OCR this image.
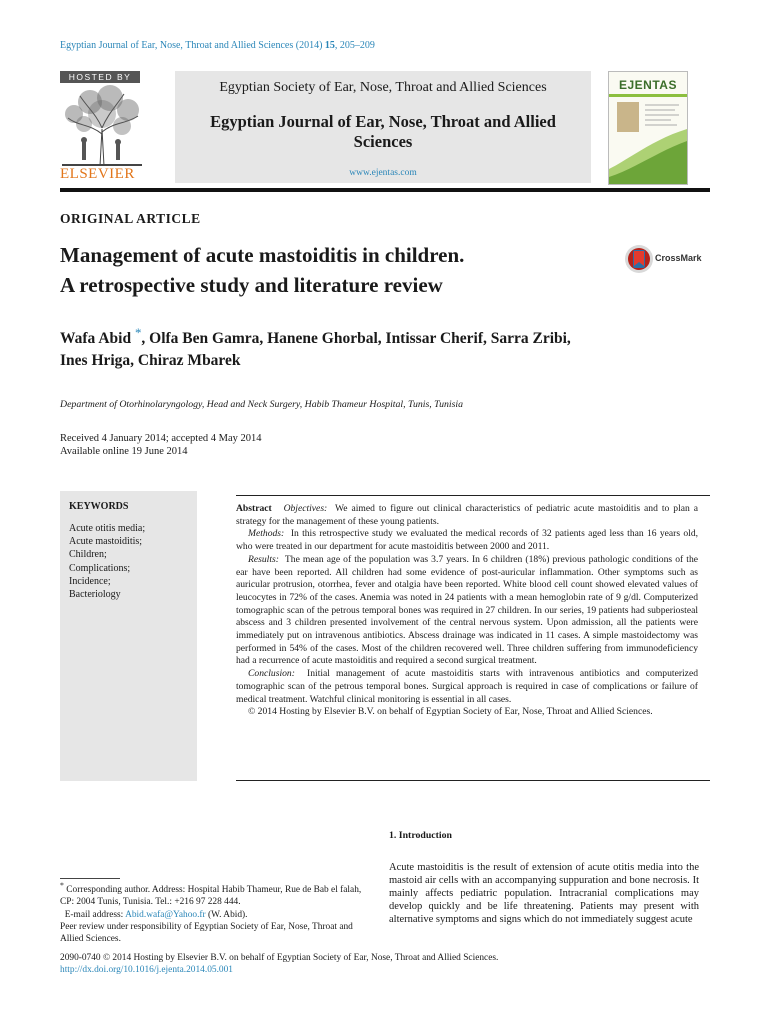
Egyptian Journal of Ear, Nose, Throat and Allied Sciences (2014) 15, 205–209
HOSTED BY
ELSEVIER
Egyptian Society of Ear, Nose, Throat and Allied Sciences
Egyptian Journal of Ear, Nose, Throat and Allied
Sciences
www.ejentas.com
EJENTAS
ORIGINAL ARTICLE
Management of acute mastoiditis in children.
A retrospective study and literature review
CrossMark
Wafa Abid *, Olfa Ben Gamra, Hanene Ghorbal, Intissar Cherif, Sarra Zribi,
Ines Hriga, Chiraz Mbarek
Department of Otorhinolaryngology, Head and Neck Surgery, Habib Thameur Hospital, Tunis, Tunisia
Received 4 January 2014; accepted 4 May 2014
Available online 19 June 2014
KEYWORDS
Acute otitis media;
Acute mastoiditis;
Children;
Complications;
Incidence;
Bacteriology

Abstract Objectives: We aimed to figure out clinical characteristics of pediatric acute mastoiditis and to plan a strategy for the management of these young patients.

Methods: In this retrospective study we evaluated the medical records of 32 patients aged less than 16 years old, who were treated in our department for acute mastoiditis between 2000 and 2011.

Results: The mean age of the population was 3.7 years. In 6 children (18%) previous pathologic conditions of the ear have been reported. All children had some evidence of post-auricular inflammation. Other symptoms such as auricular protrusion, otorrhea, fever and otalgia have been reported. White blood cell count showed elevated values of leucocytes in 72% of the cases. Anemia was noted in 24 patients with a mean hemoglobin rate of 9 g/dl. Computerized tomographic scan of the petrous temporal bones was required in 27 children. In our series, 19 patients had subperiosteal abscess and 3 children presented involvement of the central nervous system. Upon admission, all the patients were immediately put on intravenous antibiotics. Abscess drainage was indicated in 11 cases. A simple mastoidectomy was performed in 54% of the cases. Most of the children recovered well. Three children suffering from immunodeficiency had a recurrence of acute mastoiditis and required a second surgical treatment.

Conclusion: Initial management of acute mastoiditis starts with intravenous antibiotics and computerized tomographic scan of the petrous temporal bones. Surgical approach is required in case of complications or failure of medical treatment. Watchful clinical monitoring is essential in all cases.

© 2014 Hosting by Elsevier B.V. on behalf of Egyptian Society of Ear, Nose, Throat and Allied Sciences.

1. Introduction
Acute mastoiditis is the result of extension of acute otitis media into the mastoid air cells with an accompanying suppuration and bone necrosis. It mainly affects pediatric population. Intracranial complications may develop quickly and be life threatening. Patients may present with alternative symptoms and signs which do not immediately suggest acute

* Corresponding author. Address: Hospital Habib Thameur, Rue de Bab el falah, CP: 2004 Tunis, Tunisia. Tel.: +216 97 228 444.

E-mail address: Abid.wafa@Yahoo.fr (W. Abid).

Peer review under responsibility of Egyptian Society of Ear, Nose, Throat and Allied Sciences.

2090-0740 © 2014 Hosting by Elsevier B.V. on behalf of Egyptian Society of Ear, Nose, Throat and Allied Sciences.
http://dx.doi.org/10.1016/j.ejenta.2014.05.001
